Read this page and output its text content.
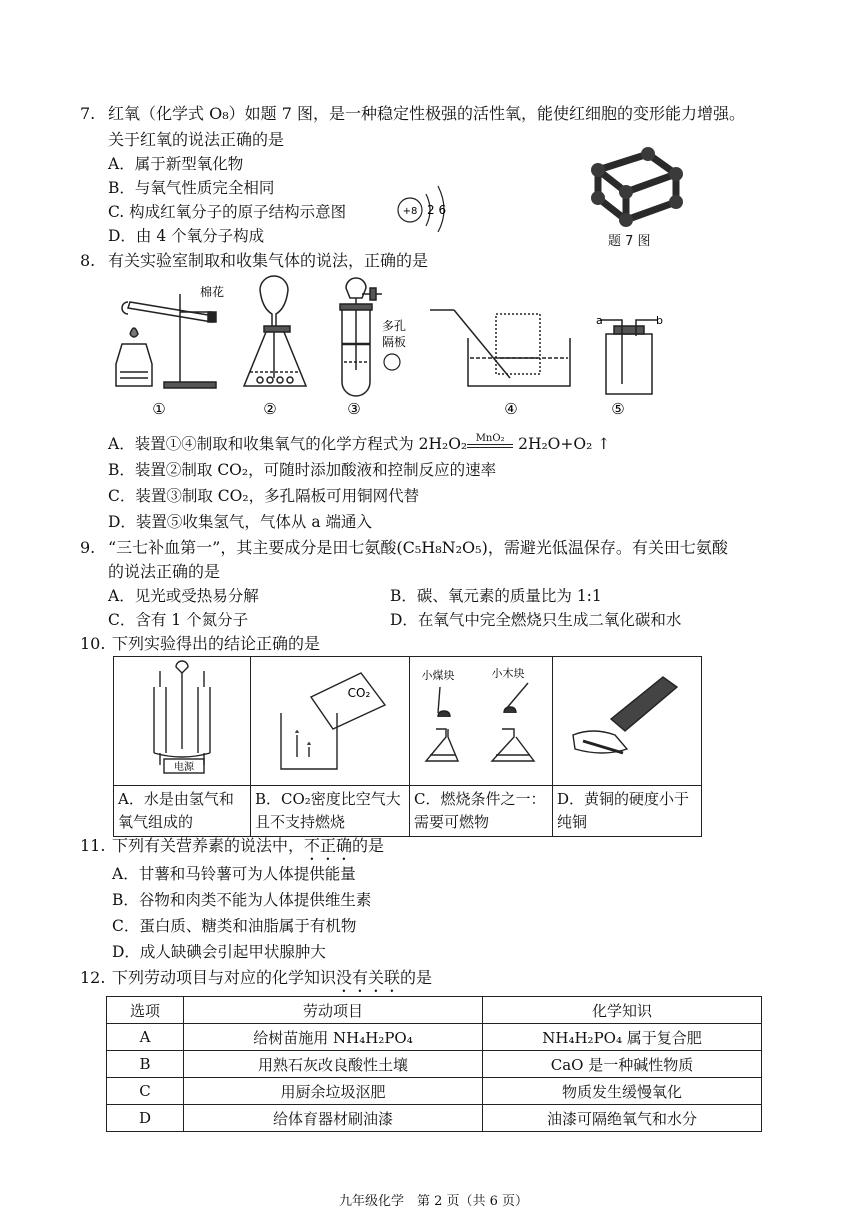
7. 红氧（化学式 O₈）如题 7 图，是一种稳定性极强的活性氧，能使红细胞的变形能力增强。
关于红氧的说法正确的是
A．属于新型氧化物
B．与氧气性质完全相同
C. 构成红氧分子的原子结构示意图	+8 2 6
D．由 4 个氧分子构成	题 7 图
8. 有关实验室制取和收集气体的说法，正确的是
棉花
①	②
多孔
隔板
③	④
a	b
⑤
A．装置①④制取和收集氧气的化学方程式为 2H₂O₂ MnO₂ 2H₂O+O₂ ↑
B．装置②制取 CO₂，可随时添加酸液和控制反应的速率
C．装置③制取 CO₂，多孔隔板可用铜网代替
D．装置⑤收集氢气，气体从 a 端通入
9. “三七补血第一”，其主要成分是田七氨酸(C₅H₈N₂O₅)，需避光低温保存。有关田七氨酸
的说法正确的是
A．见光或受热易分解	B．碳、氧元素的质量比为 1:1
C．含有 1 个氮分子	D．在氧气中完全燃烧只生成二氧化碳和水
10. 下列实验得出的结论正确的是
电源	CO₂	小煤块 小木块

A．水是由氢气和氧气组成的	B．CO₂密度比空气大且不支持燃烧	C．燃烧条件之一：需要可燃物	D．黄铜的硬度小于纯铜
11. 下列有关营养素的说法中，不正确的是
A．甘薯和马铃薯可为人体提供能量
B．谷物和肉类不能为人体提供维生素
C．蛋白质、糖类和油脂属于有机物
D．成人缺碘会引起甲状腺肿大
12. 下列劳动项目与对应的化学知识没有关联的是
选项	劳动项目	化学知识
A	给树苗施用 NH₄H₂PO₄	NH₄H₂PO₄ 属于复合肥
B	用熟石灰改良酸性土壤	CaO 是一种碱性物质
C	用厨余垃圾沤肥	物质发生缓慢氧化
D	给体育器材刷油漆	油漆可隔绝氧气和水分
九年级化学　第 2 页（共 6 页）
